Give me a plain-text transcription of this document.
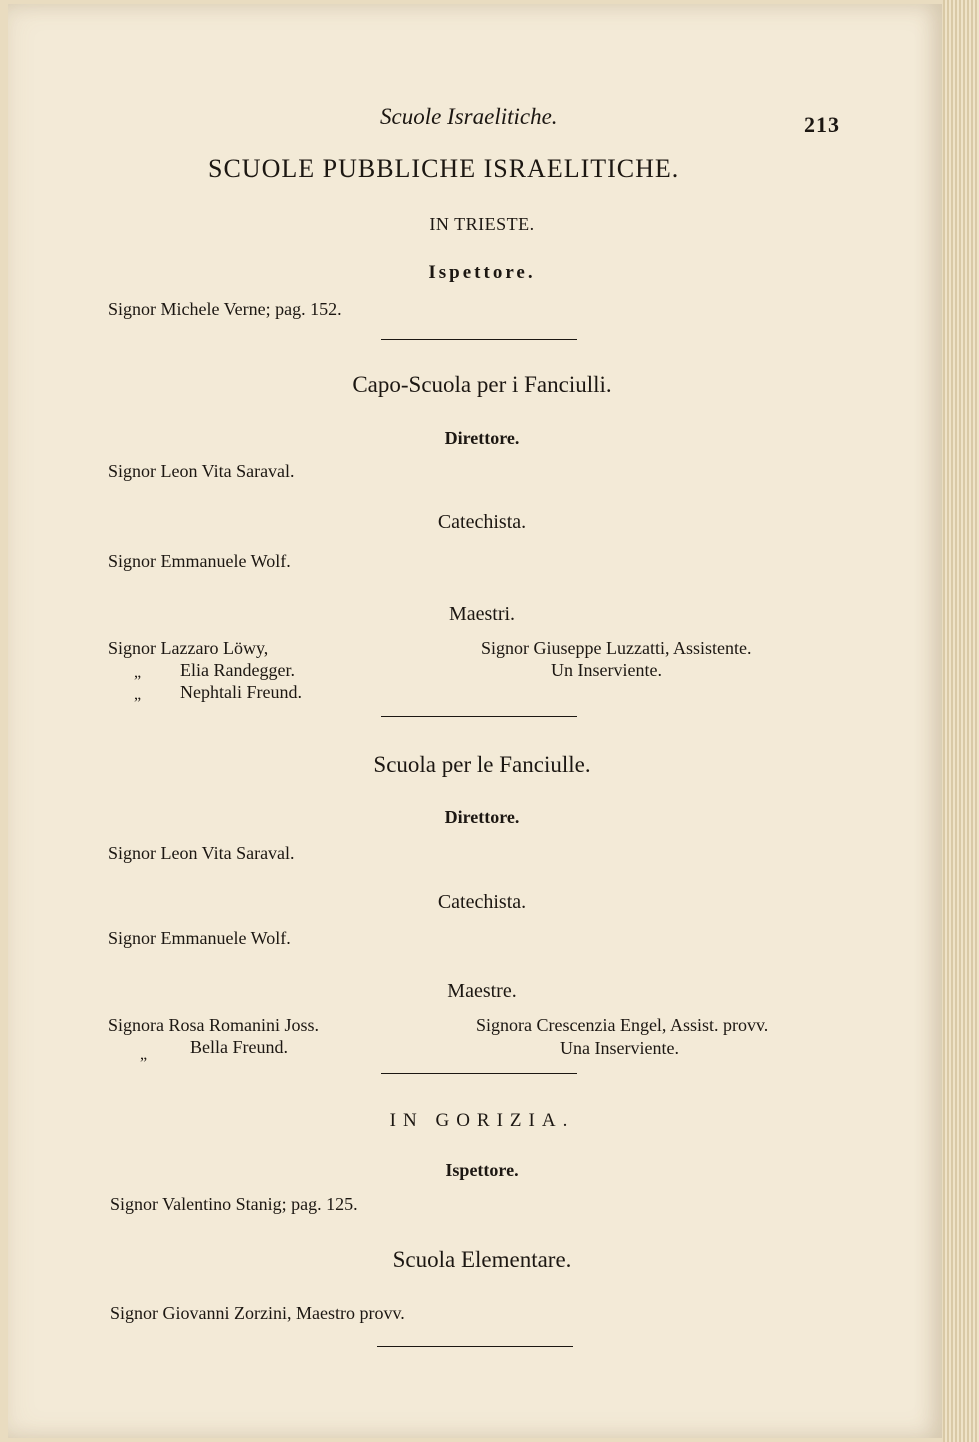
Scuole Israelitiche.	213
SCUOLE PUBBLICHE ISRAELITICHE.
IN TRIESTE.
Ispettore.
Signor Michele Verne; pag. 152.
Capo-Scuola per i Fanciulli.
Direttore.
Signor Leon Vita Saraval.
Catechista.
Signor Emmanuele Wolf.
Maestri.
Signor Lazzaro Löwy,
„ Elia Randegger.
„ Nephtali Freund.
Signor Giuseppe Luzzatti, Assistente.
Un Inserviente.
Scuola per le Fanciulle.
Direttore.
Signor Leon Vita Saraval.
Catechista.
Signor Emmanuele Wolf.
Maestre.
Signora Rosa Romanini Joss.
„ Bella Freund.
Signora Crescenzia Engel, Assist. provv.
Una Inserviente.
IN GORIZIA.
Ispettore.
Signor Valentino Stanig; pag. 125.
Scuola Elementare.
Signor Giovanni Zorzini, Maestro provv.
